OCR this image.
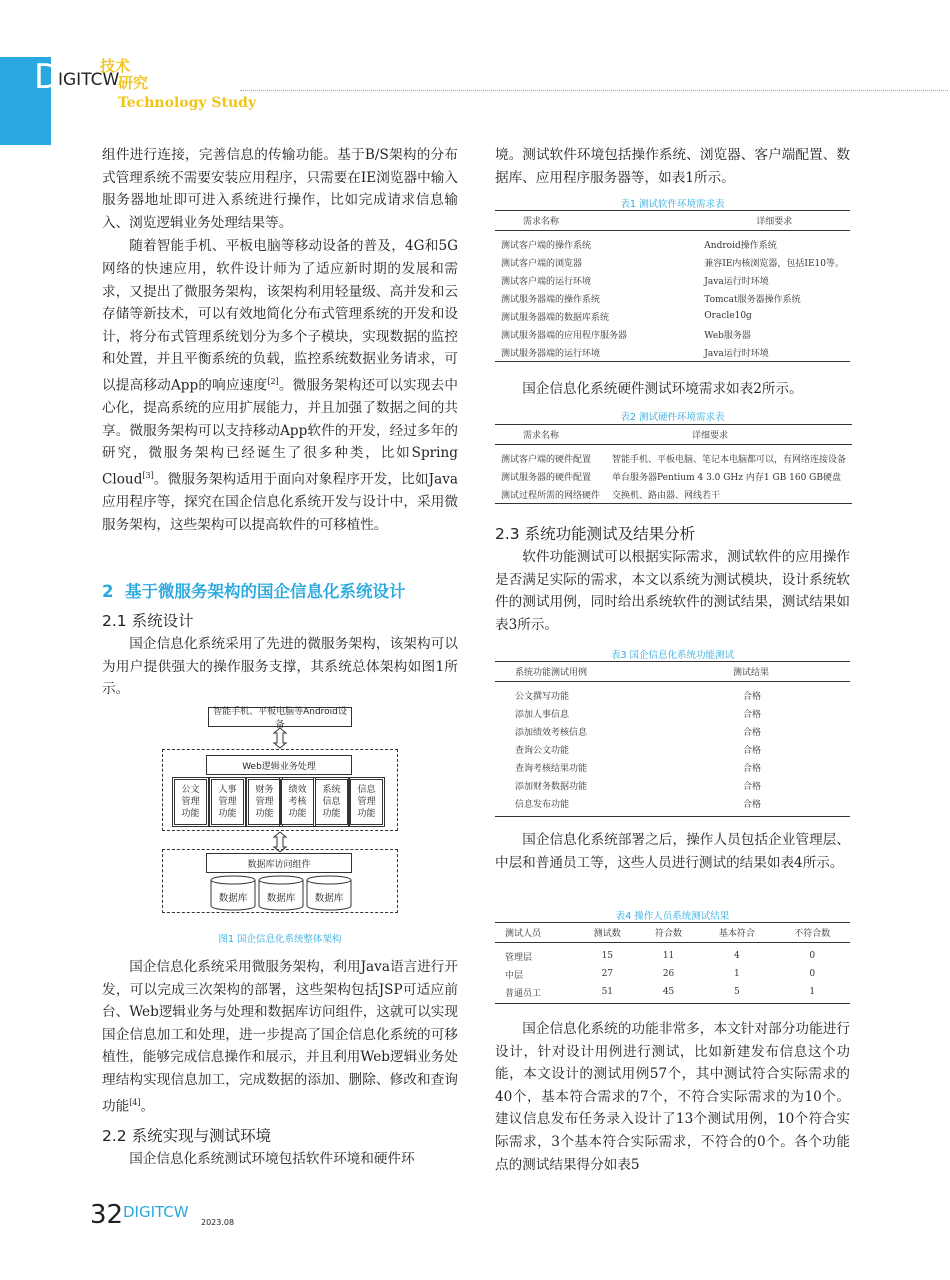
D
IGITCW
技术
研究
Technology Study

组件进行连接，完善信息的传输功能。基于B/S架构的分布式管理系统不需要安装应用程序，只需要在IE浏览器中输入服务器地址即可进入系统进行操作，比如完成请求信息输入、浏览逻辑业务处理结果等。

随着智能手机、平板电脑等移动设备的普及，4G和5G网络的快速应用，软件设计师为了适应新时期的发展和需求，又提出了微服务架构，该架构利用轻量级、高并发和云存储等新技术，可以有效地简化分布式管理系统的开发和设计，将分布式管理系统划分为多个子模块，实现数据的监控和处置，并且平衡系统的负载，监控系统数据业务请求，可以提高移动App的响应速度[2]。微服务架构还可以实现去中心化，提高系统的应用扩展能力，并且加强了数据之间的共享。微服务架构可以支持移动App软件的开发，经过多年的研究，微服务架构已经诞生了很多种类，比如Spring Cloud[3]。微服务架构适用于面向对象程序开发，比如Java应用程序等，探究在国企信息化系统开发与设计中，采用微服务架构，这些架构可以提高软件的可移植性。

2 基于微服务架构的国企信息化系统设计
2.1 系统设计

国企信息化系统采用了先进的微服务架构，该架构可以为用户提供强大的操作服务支撑，其系统总体架构如图1所示。

智能手机、平板电脑等Android设备
Web逻辑业务处理
公文
管理
功能
人事
管理
功能
财务
管理
功能
绩效
考核
功能
系统
信息
功能
信息
管理
功能
数据库访问组件
数据库	数据库	数据库
图1 国企信息化系统整体架构

国企信息化系统采用微服务架构，利用Java语言进行开发，可以完成三次架构的部署，这些架构包括JSP可适应前台、Web逻辑业务与处理和数据库访问组件，这就可以实现国企信息加工和处理，进一步提高了国企信息化系统的可移植性，能够完成信息操作和展示，并且利用Web逻辑业务处理结构实现信息加工，完成数据的添加、删除、修改和查询功能[4]。

2.2 系统实现与测试环境

国企信息化系统测试环境包括软件环境和硬件环

境。测试软件环境包括操作系统、浏览器、客户端配置、数据库、应用程序服务器等，如表1所示。

表1 测试软件环境需求表
需求名称	详细要求
测试客户端的操作系统	Android操作系统
测试客户端的浏览器	兼容IE内核浏览器，包括IE10等。
测试客户端的运行环境	Java运行时环境
测试服务器端的操作系统	Tomcat服务器操作系统
测试服务器端的数据库系统	Oracle10g
测试服务器端的应用程序服务器	Web服务器
测试服务器端的运行环境	Java运行时环境

国企信息化系统硬件测试环境需求如表2所示。

表2 测试硬件环境需求表
需求名称	详细要求
测试客户端的硬件配置	智能手机、平板电脑、笔记本电脑都可以，有网络连接设备
测试服务器的硬件配置	单台服务器Pentium 4 3.0 GHz 内存1 GB 160 GB硬盘
测试过程所需的网络硬件	交换机、路由器、网线若干
2.3 系统功能测试及结果分析

软件功能测试可以根据实际需求，测试软件的应用操作是否满足实际的需求，本文以系统为测试模块，设计系统软件的测试用例，同时给出系统软件的测试结果，测试结果如表3所示。

表3 国企信息化系统功能测试
系统功能测试用例	测试结果
公文撰写功能	合格
添加人事信息	合格
添加绩效考核信息	合格
查询公文功能	合格
查询考核结果功能	合格
添加财务数据功能	合格
信息发布功能	合格

国企信息化系统部署之后，操作人员包括企业管理层、中层和普通员工等，这些人员进行测试的结果如表4所示。

表4 操作人员系统测试结果
测试人员	测试数	符合数	基本符合	不符合数
管理层	15	11	4	0
中层	27	26	1	0
普通员工	51	45	5	1

国企信息化系统的功能非常多，本文针对部分功能进行设计，针对设计用例进行测试，比如新建发布信息这个功能，本文设计的测试用例57个，其中测试符合实际需求的40个，基本符合需求的7个，不符合实际需求的为10个。建议信息发布任务录入设计了13个测试用例，10个符合实际需求，3个基本符合实际需求，不符合的0个。各个功能点的测试结果得分如表5

32 DIGITCW
2023.08
